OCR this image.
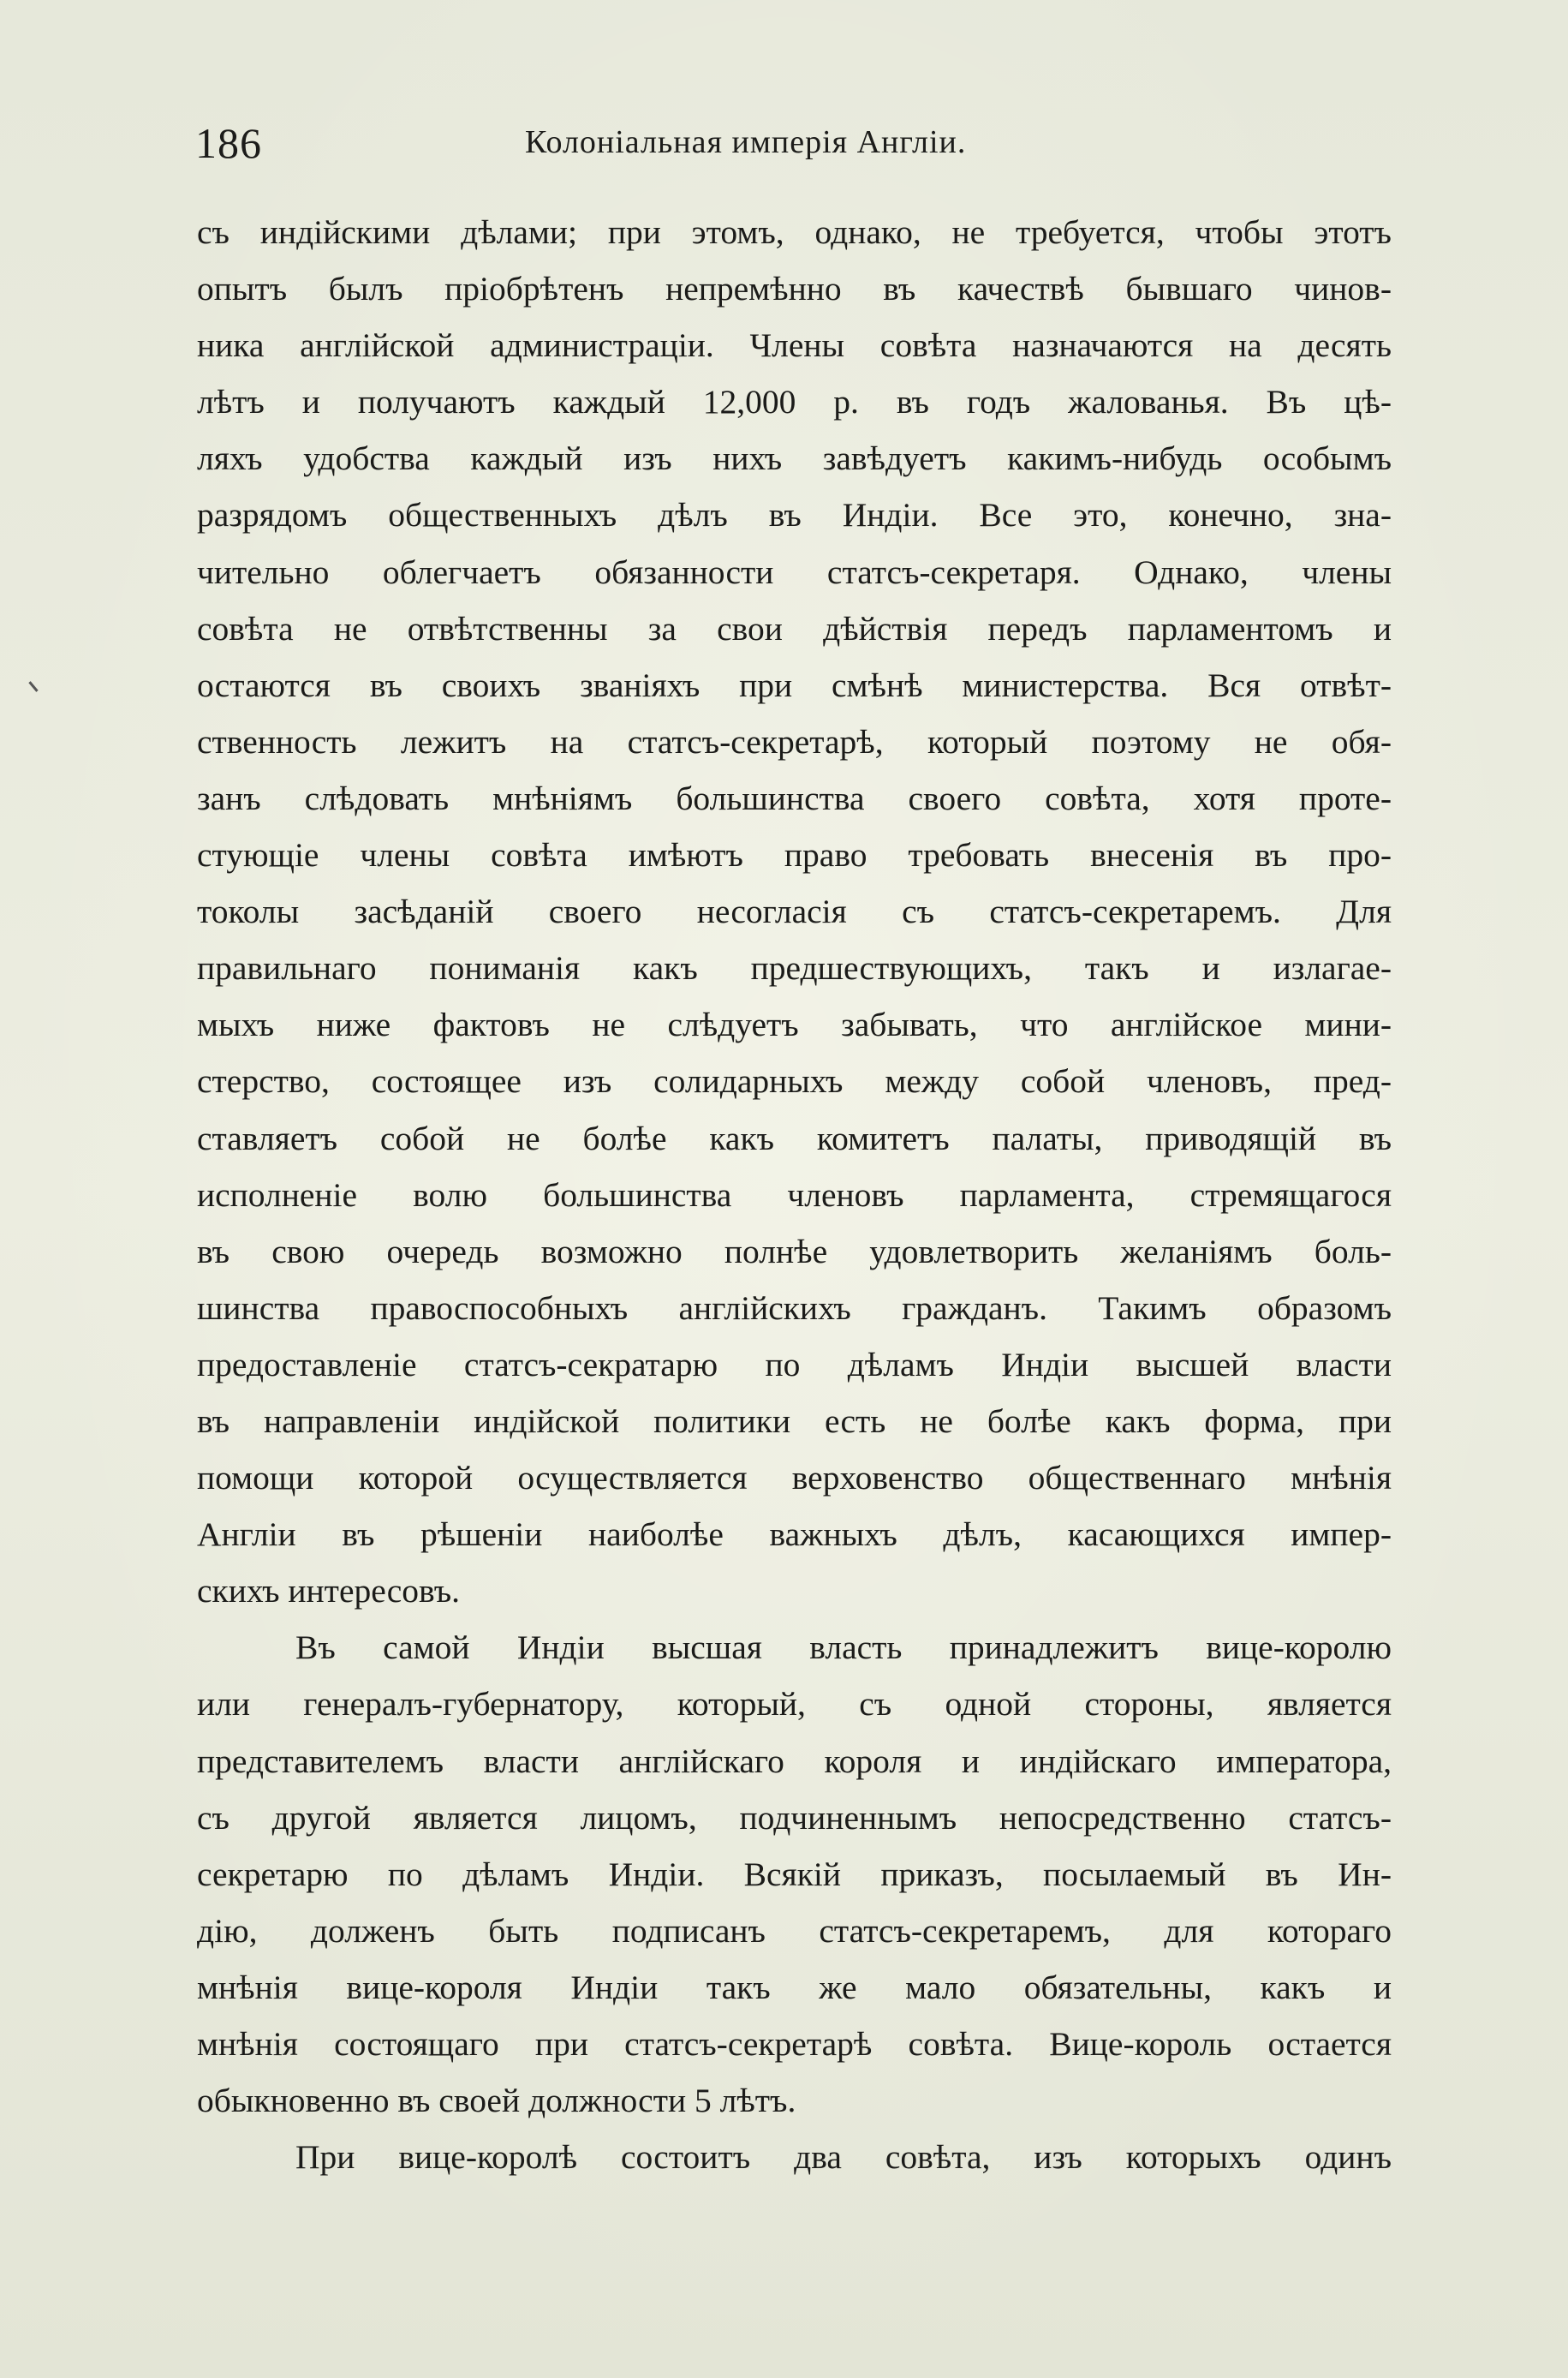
186	Колоніальная имперія Англіи.
съ индійскими дѣлами; при этомъ, однако, не требуется, чтобы этотъ
опытъ былъ пріобрѣтенъ непремѣнно въ качествѣ бывшаго чинов-
ника англійской администраціи. Члены совѣта назначаются на десять
лѣтъ и получаютъ каждый 12,000 р. въ годъ жалованья. Въ цѣ-
ляхъ удобства каждый изъ нихъ завѣдуетъ какимъ-нибудь особымъ
разрядомъ общественныхъ дѣлъ въ Индіи. Все это, конечно, зна-
чительно облегчаетъ обязанности статсъ-секретаря. Однако, члены
совѣта не отвѣтственны за свои дѣйствія передъ парламентомъ и
остаются въ своихъ званіяхъ при смѣнѣ министерства. Вся отвѣт-
ственность лежитъ на статсъ-секретарѣ, который поэтому не обя-
занъ слѣдовать мнѣніямъ большинства своего совѣта, хотя проте-
стующіе члены совѣта имѣютъ право требовать внесенія въ про-
токолы засѣданій своего несогласія съ статсъ-секретаремъ. Для
правильнаго пониманія какъ предшествующихъ, такъ и излагае-
мыхъ ниже фактовъ не слѣдуетъ забывать, что англійское мини-
стерство, состоящее изъ солидарныхъ между собой членовъ, пред-
ставляетъ собой не болѣе какъ комитетъ палаты, приводящій въ
исполненіе волю большинства членовъ парламента, стремящагося
въ свою очередь возможно полнѣе удовлетворить желаніямъ боль-
шинства правоспособныхъ англійскихъ гражданъ. Такимъ образомъ
предоставленіе статсъ-секратарю по дѣламъ Индіи высшей власти
въ направленіи индійской политики есть не болѣе какъ форма, при
помощи которой осуществляется верховенство общественнаго мнѣнія
Англіи въ рѣшеніи наиболѣе важныхъ дѣлъ, касающихся импер-
скихъ интересовъ.
Въ самой Индіи высшая власть принадлежитъ вице-королю
или генералъ-губернатору, который, съ одной стороны, является
представителемъ власти англійскаго короля и индійскаго императора,
съ другой является лицомъ, подчиненнымъ непосредственно статсъ-
секретарю по дѣламъ Индіи. Всякій приказъ, посылаемый въ Ин-
дію, долженъ быть подписанъ статсъ-секретаремъ, для котораго
мнѣнія вице-короля Индіи такъ же мало обязательны, какъ и
мнѣнія состоящаго при статсъ-секретарѣ совѣта. Вице-король остается
обыкновенно въ своей должности 5 лѣтъ.
При вице-королѣ состоитъ два совѣта, изъ которыхъ одинъ
